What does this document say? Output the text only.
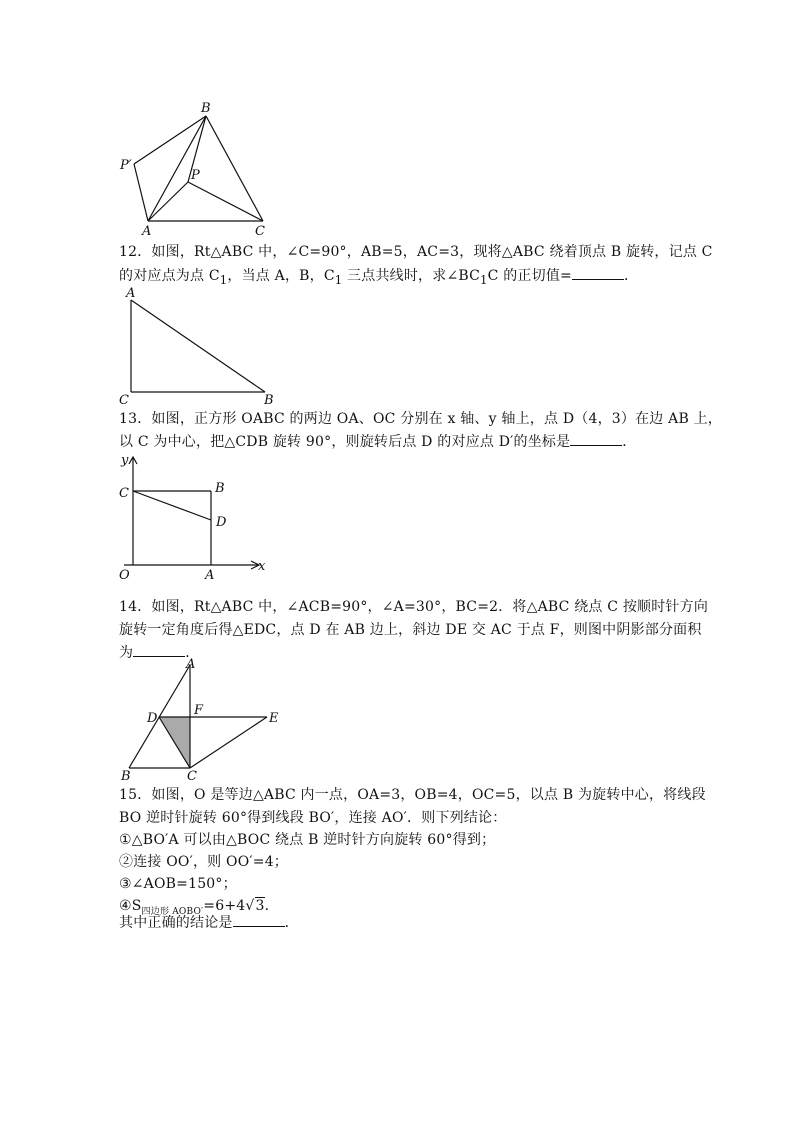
B
P′
P
A	C
12．如图，Rt△ABC 中，∠C=90°，AB=5，AC=3，现将△ABC 绕着顶点 B 旋转，记点 C
的对应点为点 $C_1$，当点 A，B，$C_1$ 三点共线时，求$\angle BC_1C$ 的正切值=	．
A
C	B
13．如图，正方形 OABC 的两边 OA、OC 分别在 x 轴、y 轴上，点 D（4，3）在边 AB 上，
以 C 为中心，把△CDB 旋转 90°，则旋转后点 D 的对应点 D′的坐标是	．
y
x
O	A
B
C
D
14．如图，Rt△ABC 中，∠ACB=90°，∠A=30°，BC=2．将△ABC 绕点 C 按顺时针方向
旋转一定角度后得△EDC，点 D 在 AB 边上，斜边 DE 交 AC 于点 F，则图中阴影部分面积
为	．
A
D
F
E
B	C
15．如图，O 是等边△ABC 内一点，OA=3，OB=4，OC=5，以点 B 为旋转中心，将线段
BO 逆时针旋转 60°得到线段 BO′，连接 AO′．则下列结论：
①△BO′A 可以由△BOC 绕点 B 逆时针方向旋转 60°得到；
②连接 OO′，则 OO′=4；
③∠AOB=150°；
$④S_{四边形 AOBO'}=6+4√3$．
其中正确的结论是	．
